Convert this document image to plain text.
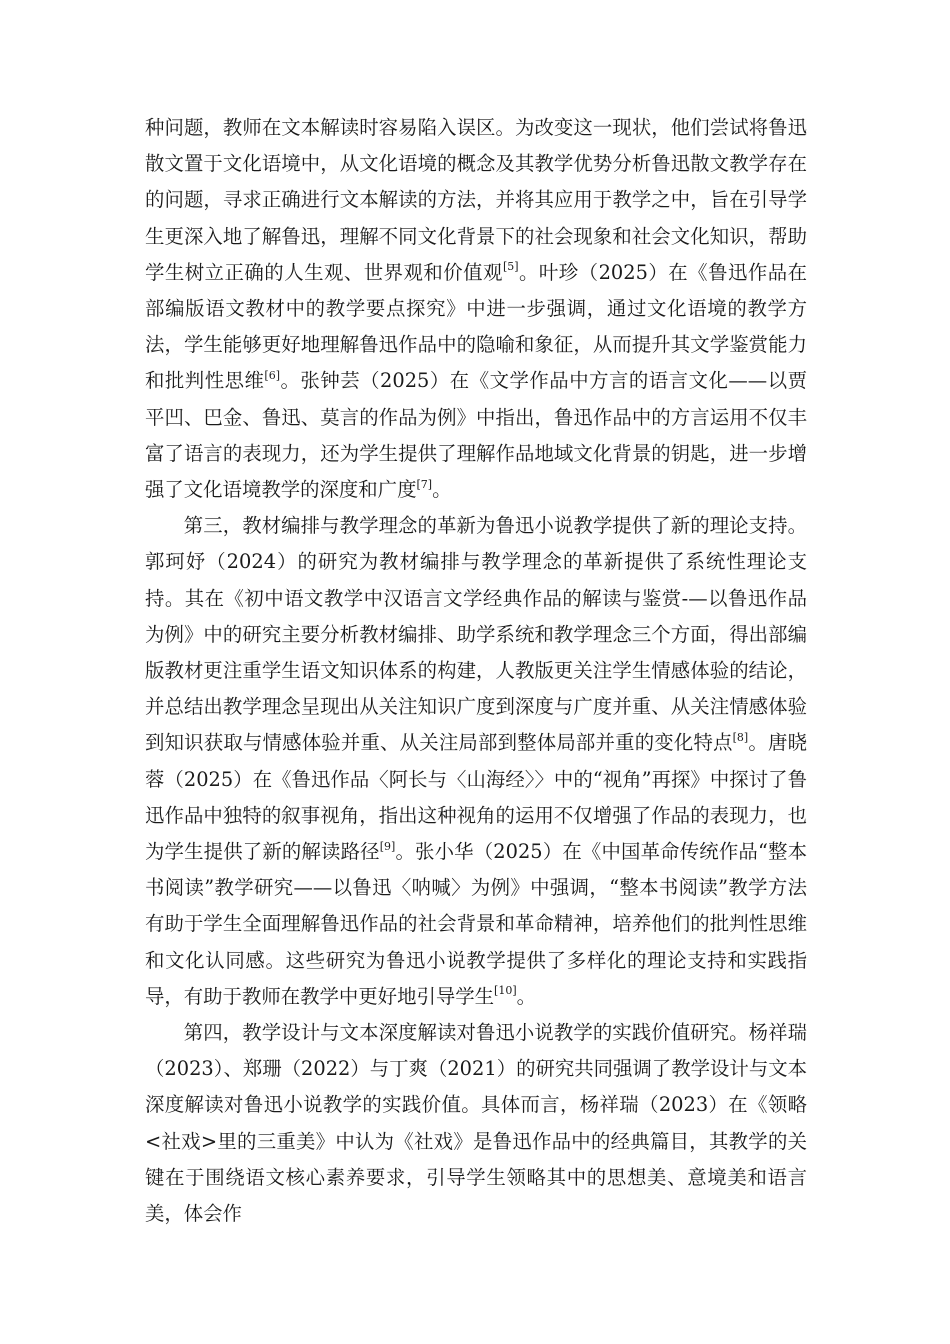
种问题，教师在文本解读时容易陷入误区。为改变这一现状，他们尝试将鲁迅散文置于文化语境中，从文化语境的概念及其教学优势分析鲁迅散文教学存在的问题，寻求正确进行文本解读的方法，并将其应用于教学之中，旨在引导学生更深入地了解鲁迅，理解不同文化背景下的社会现象和社会文化知识，帮助学生树立正确的人生观、世界观和价值观[5]。叶珍（2025）在《鲁迅作品在部编版语文教材中的教学要点探究》中进一步强调，通过文化语境的教学方法，学生能够更好地理解鲁迅作品中的隐喻和象征，从而提升其文学鉴赏能力和批判性思维[6]。张钟芸（2025）在《文学作品中方言的语言文化——以贾平凹、巴金、鲁迅、莫言的作品为例》中指出，鲁迅作品中的方言运用不仅丰富了语言的表现力，还为学生提供了理解作品地域文化背景的钥匙，进一步增强了文化语境教学的深度和广度[7]。

第三，教材编排与教学理念的革新为鲁迅小说教学提供了新的理论支持。郭珂妤（2024）的研究为教材编排与教学理念的革新提供了系统性理论支持。其在《初中语文教学中汉语言文学经典作品的解读与鉴赏-—以鲁迅作品为例》中的研究主要分析教材编排、助学系统和教学理念三个方面，得出部编版教材更注重学生语文知识体系的构建，人教版更关注学生情感体验的结论，并总结出教学理念呈现出从关注知识广度到深度与广度并重、从关注情感体验到知识获取与情感体验并重、从关注局部到整体局部并重的变化特点[8]。唐晓蓉（2025）在《鲁迅作品〈阿长与〈山海经〉〉中的“视角”再探》中探讨了鲁迅作品中独特的叙事视角，指出这种视角的运用不仅增强了作品的表现力，也为学生提供了新的解读路径[9]。张小华（2025）在《中国革命传统作品“整本书阅读”教学研究——以鲁迅〈呐喊〉为例》中强调，“整本书阅读”教学方法有助于学生全面理解鲁迅作品的社会背景和革命精神，培养他们的批判性思维和文化认同感。这些研究为鲁迅小说教学提供了多样化的理论支持和实践指导，有助于教师在教学中更好地引导学生[10]。

第四，教学设计与文本深度解读对鲁迅小说教学的实践价值研究。杨祥瑞（2023）、郑珊（2022）与丁爽（2021）的研究共同强调了教学设计与文本深度解读对鲁迅小说教学的实践价值。具体而言，杨祥瑞（2023）在《领略<社戏>里的三重美》中认为《社戏》是鲁迅作品中的经典篇目，其教学的关键在于围绕语文核心素养要求，引导学生领略其中的思想美、意境美和语言美，体会作
